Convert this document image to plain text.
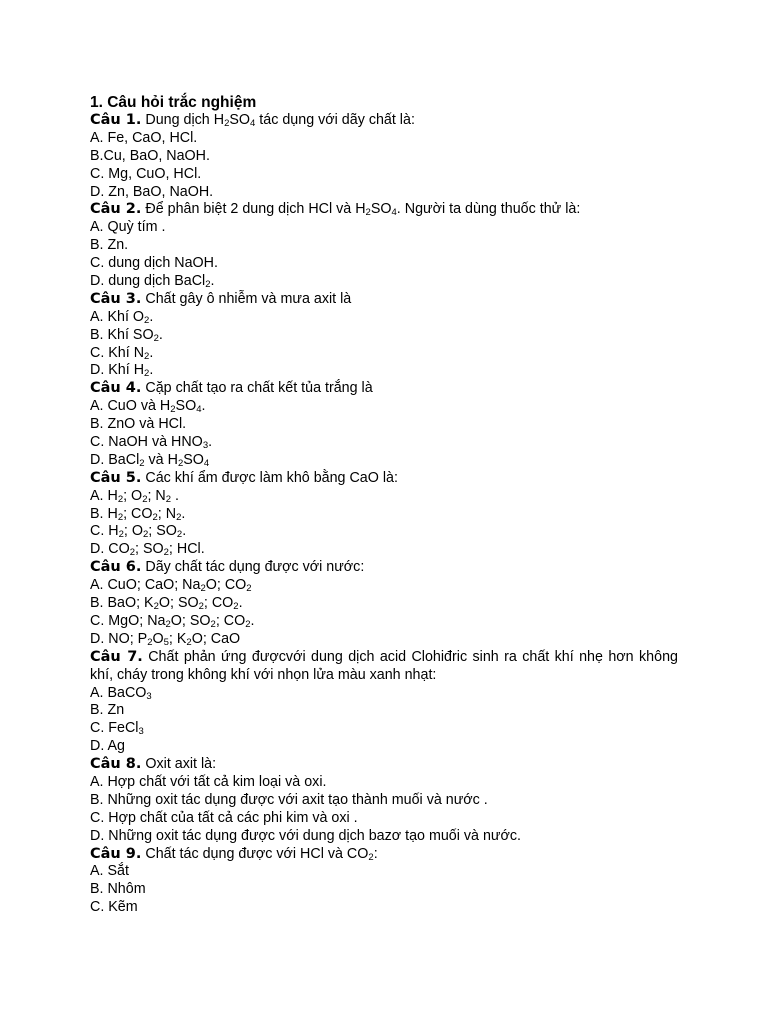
1. Câu hỏi trắc nghiệm
Câu 1. Dung dịch $H_2SO_4$ tác dụng với dãy chất là:
A. Fe, CaO, HCl.
B.Cu, BaO, NaOH.
C. Mg, CuO, HCl.
D. Zn, BaO, NaOH.
Câu 2. Để phân biệt 2 dung dịch HCl và $H_2SO_4$. Người ta dùng thuốc thử là:
A. Quỳ tím .
B. Zn.
C. dung dịch NaOH.
D. dung dịch BaCl$_2$.
Câu 3. Chất gây ô nhiễm và mưa axit là
A. Khí $O_2$.
B. Khí $SO_2$.
C. Khí $N_2$.
D. Khí $H_2$.
Câu 4. Cặp chất tạo ra chất kết tủa trắng là
A. CuO và $H_2SO_4$.
B. ZnO và HCl.
C. NaOH và $HNO_3$.
D. BaCl$_2$ và $H_2SO_4$
Câu 5. Các khí ẩm được làm khô bằng CaO là:
A. $H_2$; $O_2$; $N_2$ .
B. $H_2$; $CO_2$; $N_2$.
C. $H_2$; $O_2$; $SO_2$.
D. $CO_2$; $SO_2$; HCl.
Câu 6. Dãy chất tác dụng được với nước:
A. CuO; CaO; $Na_2O$; $CO_2$
B. BaO; $K_2O$; $SO_2$; $CO_2$.
C. MgO; $Na_2O$; $SO_2$; $CO_2$.
D. NO; $P_2O_5$; $K_2O$; CaO
Câu 7. Chất phản ứng đượcvới dung dịch acid Clohiđric sinh ra chất khí nhẹ hơn không khí, cháy trong không khí với nhọn lửa màu xanh nhạt:
A. BaCO$_3$
B. Zn
C. FeCl$_3$
D. Ag
Câu 8. Oxit axit là:
A. Hợp chất với tất cả kim loại và oxi.
B. Những oxit tác dụng được với axit tạo thành muối và nước .
C. Hợp chất của tất cả các phi kim và oxi .
D. Những oxit tác dụng được với dung dịch bazơ tạo muối và nước.
Câu 9. Chất tác dụng được với HCl và $CO_2$:
A. Sắt
B. Nhôm
C. Kẽm
